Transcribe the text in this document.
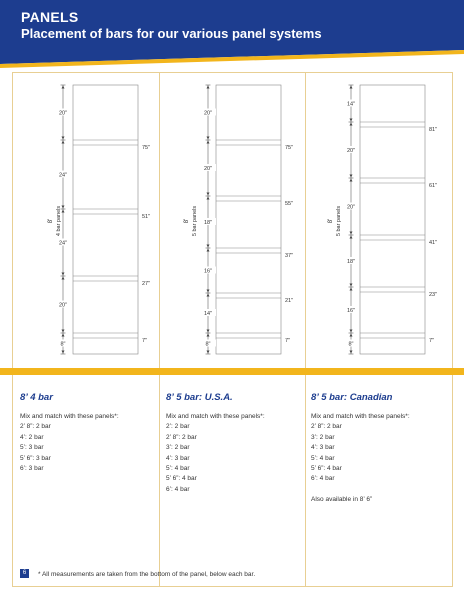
PANELS
Placement of bars for our various panel systems
8' 4 bar panels
75"
51"
27"
7"
20"
24"
24"
20"
8"
8' 5 bar panels
75"
55"
37"
21"
7"
20"
20"
18"
16"
14"
8"
8' 5 bar panels
81"
61"
41"
23"
7"
14"
20"
20"
18"
16"
8"
8’ 4 bar	8’ 5 bar: U.S.A.	8’ 5 bar: Canadian
Mix and match with these panels*:
2’ 8”: 2 bar
4’: 2 bar
5’: 3 bar
5’ 6”: 3 bar
6’: 3 bar
Mix and match with these panels*:
2’: 2 bar
2’ 8”: 2 bar
3’: 2 bar
4’: 3 bar
5’: 4 bar
5’ 6”: 4 bar
6’: 4 bar
Mix and match with these panels*:
2’ 8”: 2 bar
3’: 2 bar
4’: 3 bar
5’: 4 bar
5’ 6”: 4 bar
6’: 4 bar
Also available in 8’ 6”
6	* All measurements are taken from the bottom of the panel, below each bar.
